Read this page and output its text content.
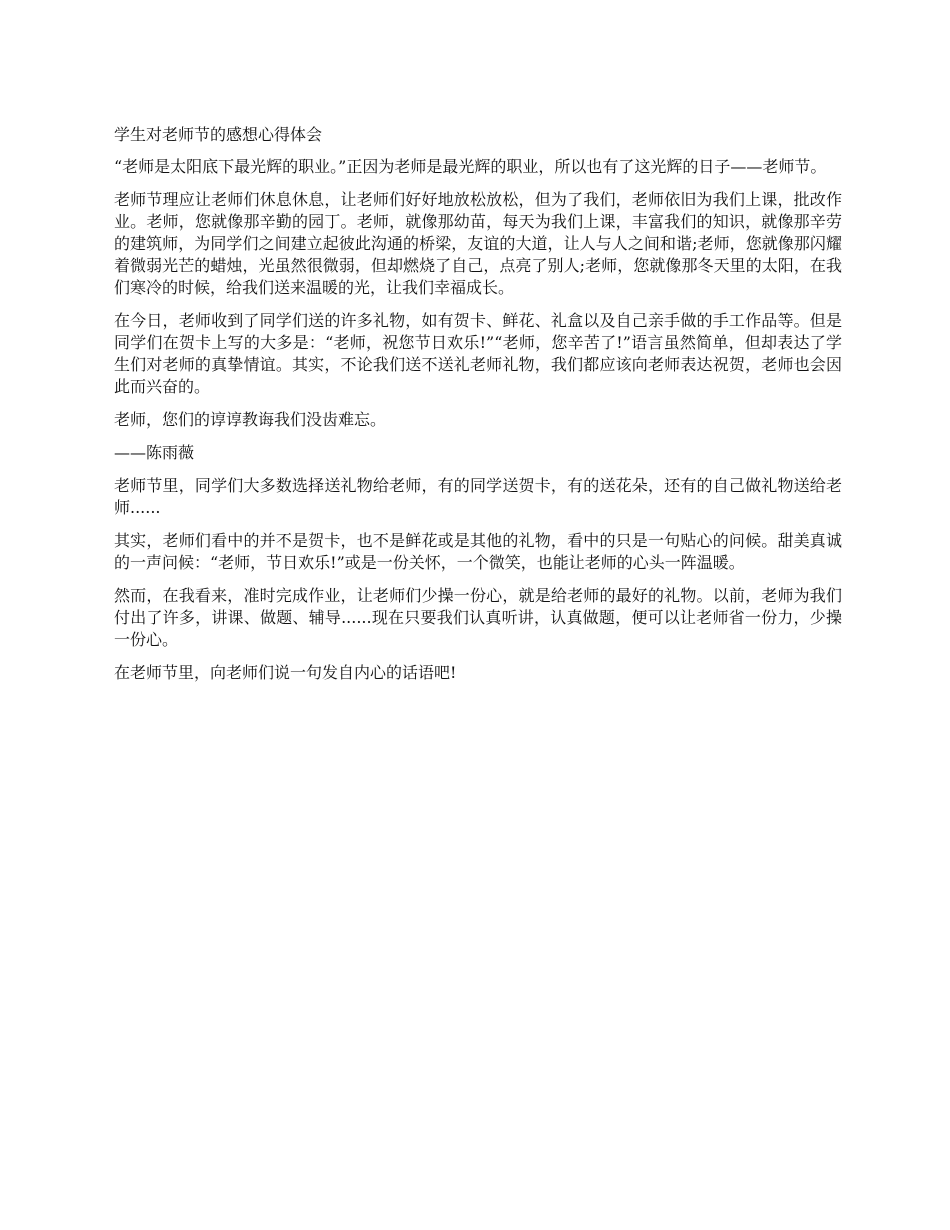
学生对老师节的感想心得体会

“老师是太阳底下最光辉的职业。”正因为老师是最光辉的职业，所以也有了这光辉的日子——老师节。

老师节理应让老师们休息休息，让老师们好好地放松放松，但为了我们，老师依旧为我们上课，批改作业。老师，您就像那辛勤的园丁。老师，就像那幼苗，每天为我们上课，丰富我们的知识，就像那辛劳的建筑师，为同学们之间建立起彼此沟通的桥梁，友谊的大道，让人与人之间和谐;老师，您就像那闪耀着微弱光芒的蜡烛，光虽然很微弱，但却燃烧了自己，点亮了别人;老师，您就像那冬天里的太阳，在我们寒冷的时候，给我们送来温暖的光，让我们幸福成长。

在今日，老师收到了同学们送的许多礼物，如有贺卡、鲜花、礼盒以及自己亲手做的手工作品等。但是同学们在贺卡上写的大多是：“老师，祝您节日欢乐!”“老师，您辛苦了!”语言虽然简单，但却表达了学生们对老师的真挚情谊。其实，不论我们送不送礼老师礼物，我们都应该向老师表达祝贺，老师也会因此而兴奋的。

老师，您们的谆谆教诲我们没齿难忘。

——陈雨薇

老师节里，同学们大多数选择送礼物给老师，有的同学送贺卡，有的送花朵，还有的自己做礼物送给老师......

其实，老师们看中的并不是贺卡，也不是鲜花或是其他的礼物，看中的只是一句贴心的问候。甜美真诚的一声问候：“老师，节日欢乐!”或是一份关怀，一个微笑，也能让老师的心头一阵温暖。

然而，在我看来，准时完成作业，让老师们少操一份心，就是给老师的最好的礼物。以前，老师为我们付出了许多，讲课、做题、辅导......现在只要我们认真听讲，认真做题，便可以让老师省一份力，少操一份心。

在老师节里，向老师们说一句发自内心的话语吧!
